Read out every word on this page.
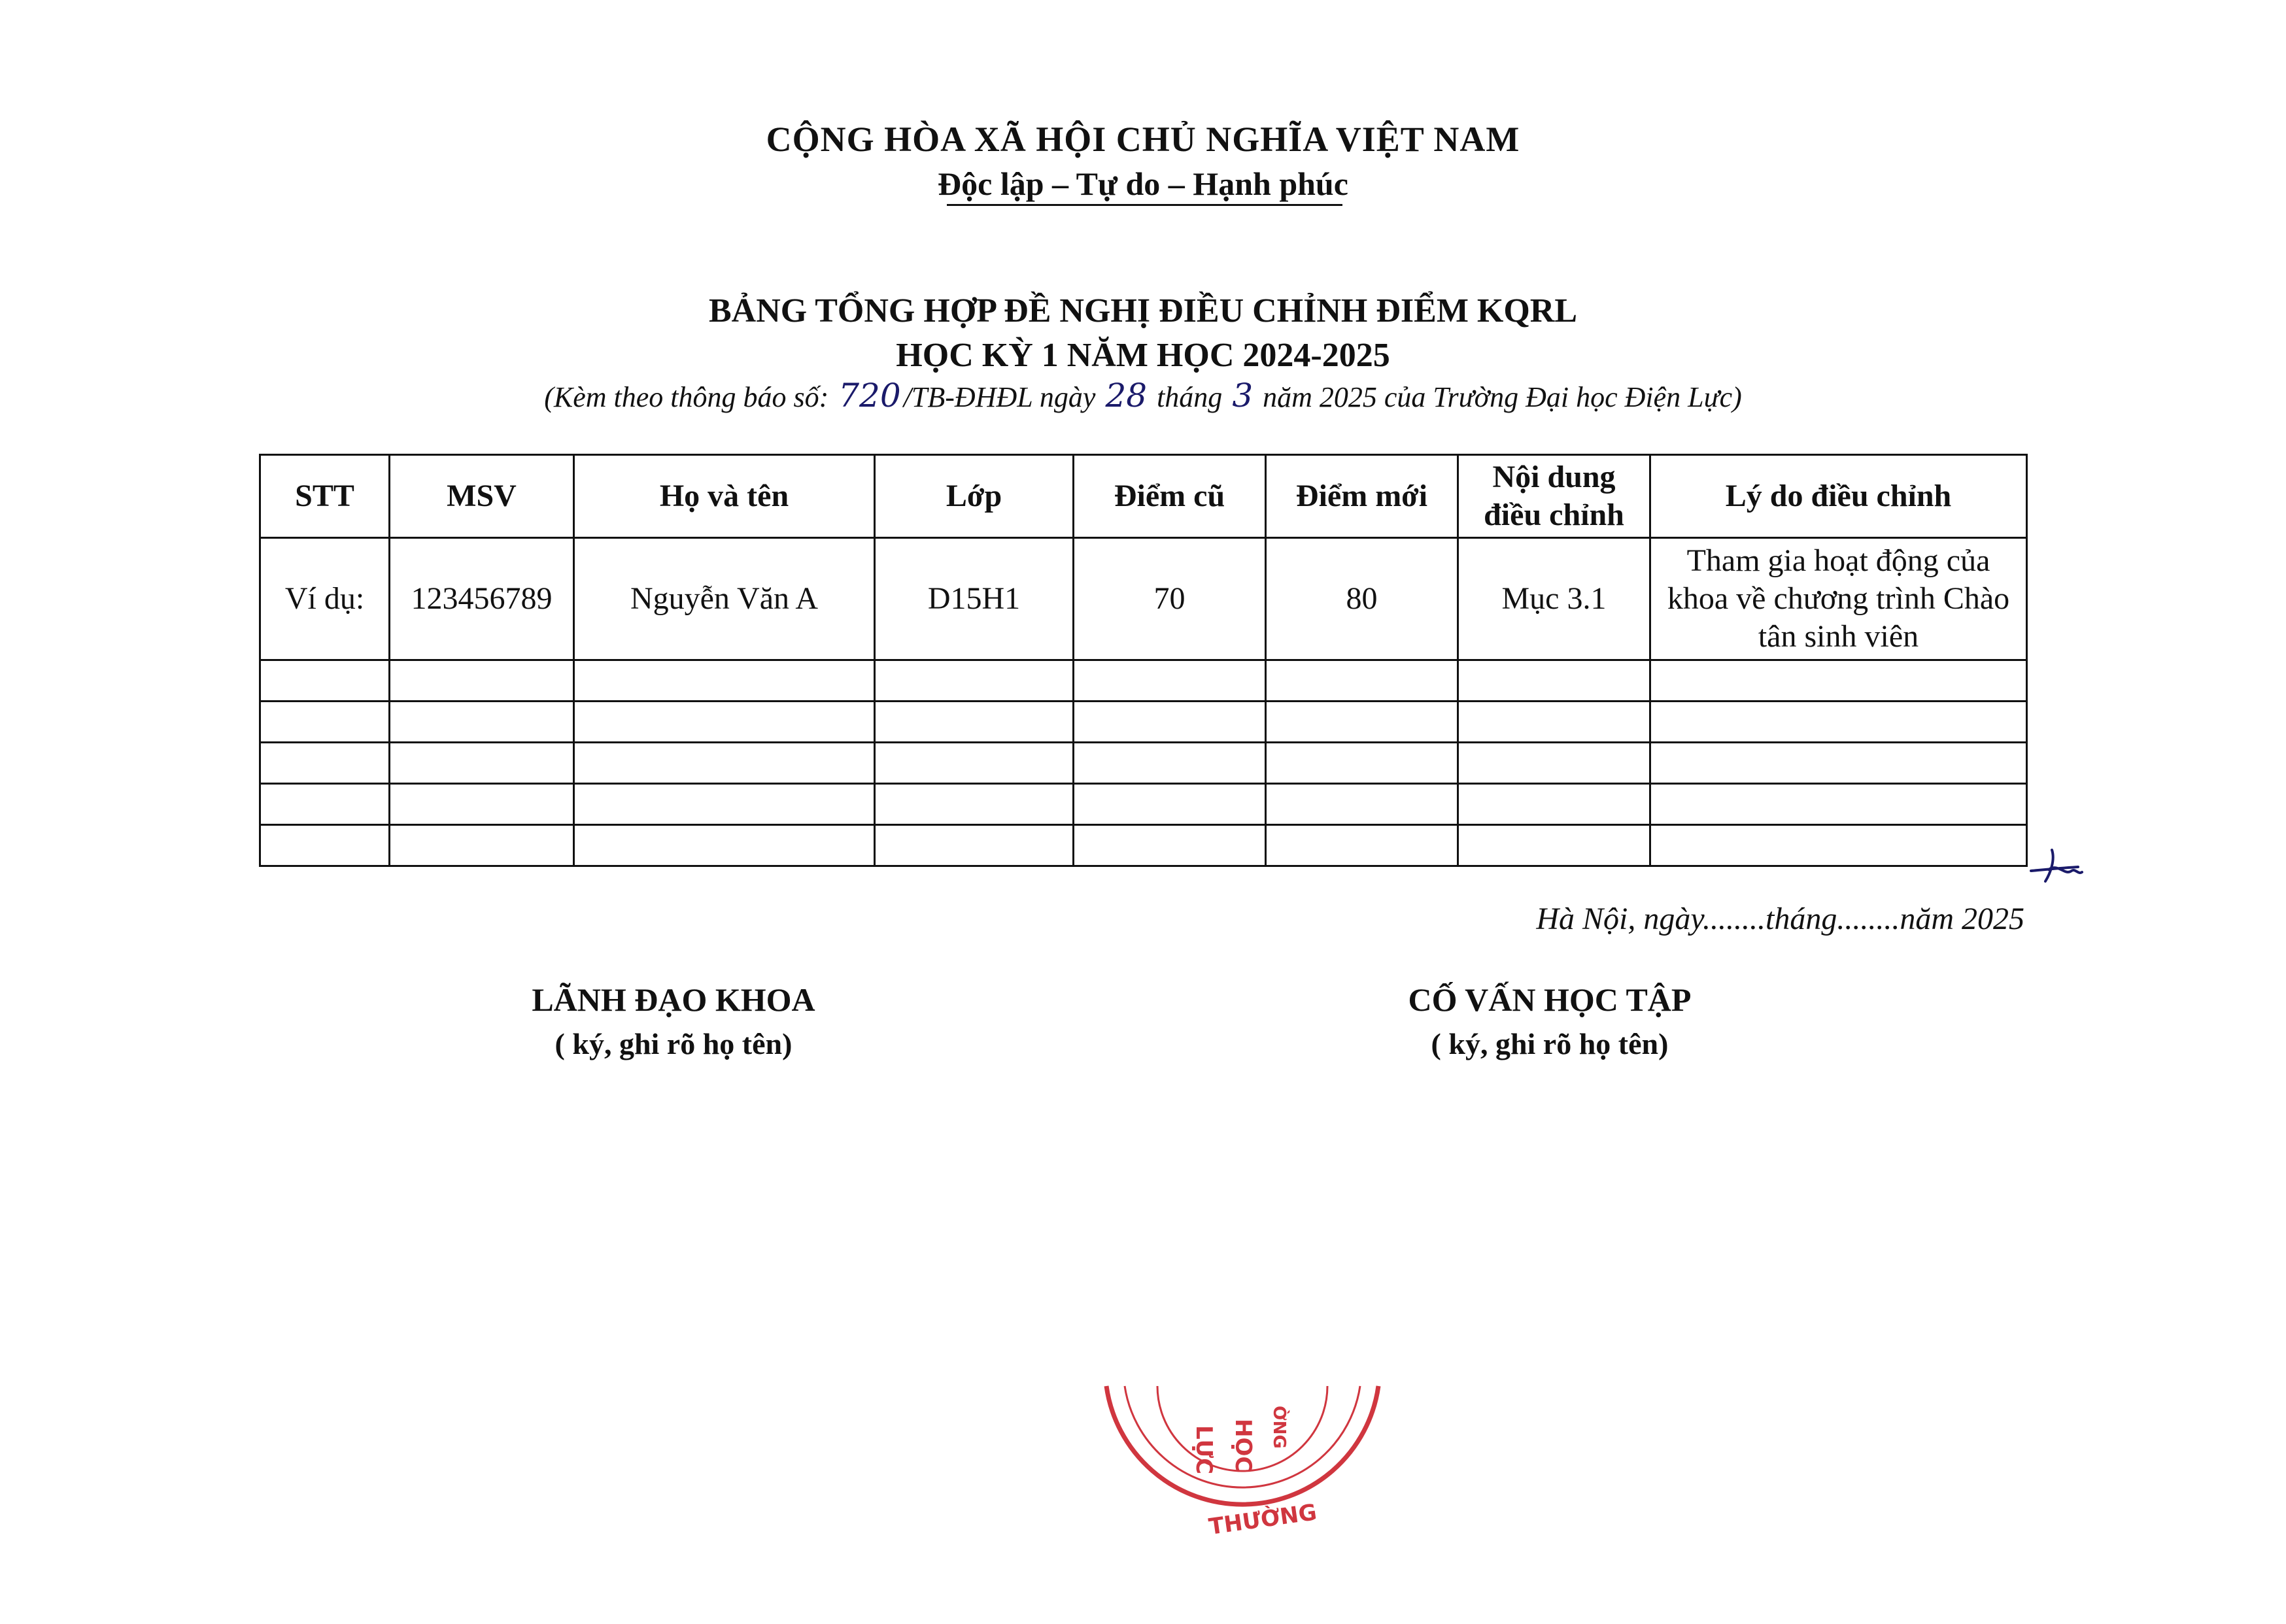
CỘNG HÒA XÃ HỘI CHỦ NGHĨA VIỆT NAM
Độc lập – Tự do – Hạnh phúc
BẢNG TỔNG HỢP ĐỀ NGHỊ ĐIỀU CHỈNH ĐIỂM KQRL
HỌC KỲ 1 NĂM HỌC 2024-2025
(Kèm theo thông báo số: 720/TB-ĐHĐL ngày 28 tháng 3 năm 2025 của Trường Đại học Điện Lực)
STT	MSV	Họ và tên	Lớp	Điểm cũ	Điểm mới	Nội dung điều chỉnh	Lý do điều chỉnh
Ví dụ:	123456789	Nguyễn Văn A	D15H1	70	80	Mục 3.1	Tham gia hoạt động của khoa về chương trình Chào tân sinh viên

Hà Nội, ngày........tháng........năm 2025
LÃNH ĐẠO KHOA
( ký, ghi rõ họ tên)
CỐ VẤN HỌC TẬP
( ký, ghi rõ họ tên)
LỰC HỌC ỜNG
THƯỜNG
